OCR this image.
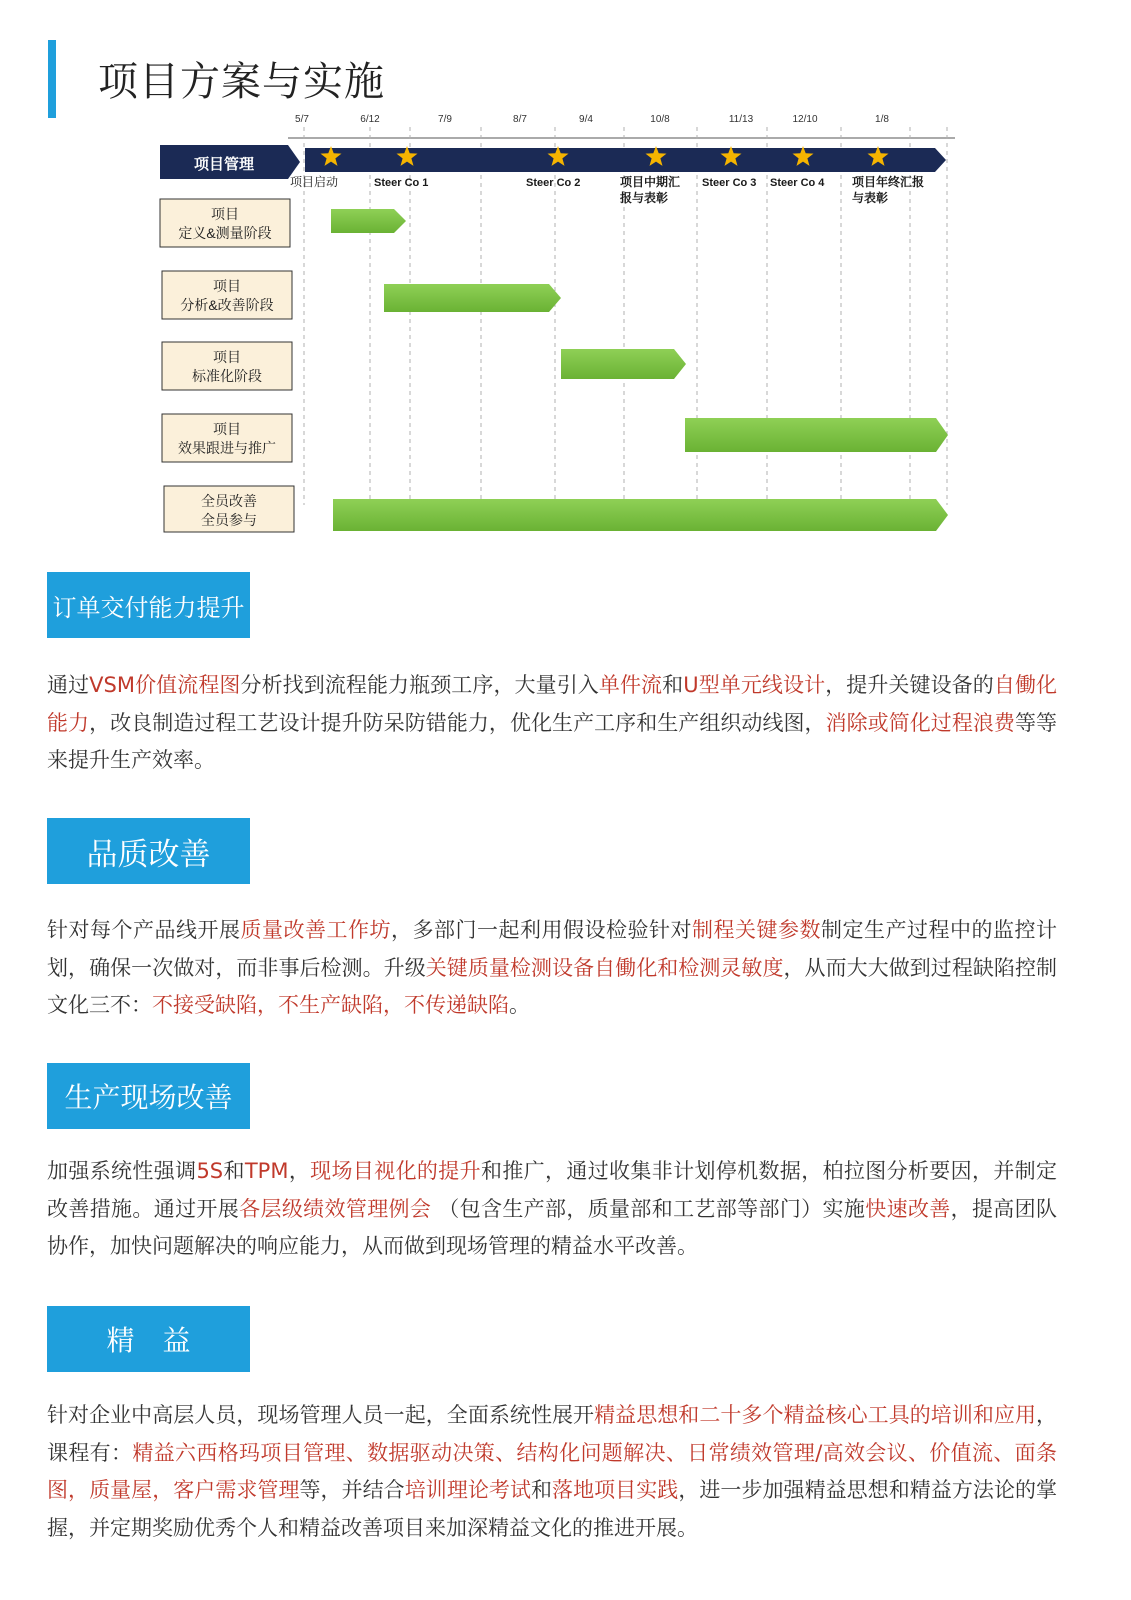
项目方案与实施
5/7	6/12	7/9	8/7	9/4	10/8	11/13	12/10	1/8
项目管理
项目启动	Steer Co 1	Steer Co 2	项目中期汇
报与表彰
Steer Co 3 Steer Co 4 项目年终汇报
与表彰
项目
定义&测量阶段
项目
分析&改善阶段
项目
标准化阶段
项目
效果跟进与推广
全员改善
全员参与
订单交付能力提升
通过VSM价值流程图分析找到流程能力瓶颈工序，大量引入单件流和U型单元线设计，提升关键设备的自働化能力，改良制造过程工艺设计提升防呆防错能力，优化生产工序和生产组织动线图，消除或简化过程浪费等等来提升生产效率。
品质改善
针对每个产品线开展质量改善工作坊，多部门一起利用假设检验针对制程关键参数制定生产过程中的监控计划，确保一次做对，而非事后检测。升级关键质量检测设备自働化和检测灵敏度，从而大大做到过程缺陷控制文化三不：不接受缺陷，不生产缺陷，不传递缺陷。
生产现场改善
加强系统性强调5S和TPM，现场目视化的提升和推广，通过收集非计划停机数据，柏拉图分析要因，并制定改善措施。通过开展各层级绩效管理例会 （包含生产部，质量部和工艺部等部门）实施快速改善，提高团队协作，加快问题解决的响应能力，从而做到现场管理的精益水平改善。
精　益
针对企业中高层人员，现场管理人员一起，全面系统性展开精益思想和二十多个精益核心工具的培训和应用，课程有：精益六西格玛项目管理、数据驱动决策、结构化问题解决、日常绩效管理/高效会议、价值流、面条图，质量屋，客户需求管理等，并结合培训理论考试和落地项目实践，进一步加强精益思想和精益方法论的掌握，并定期奖励优秀个人和精益改善项目来加深精益文化的推进开展。
